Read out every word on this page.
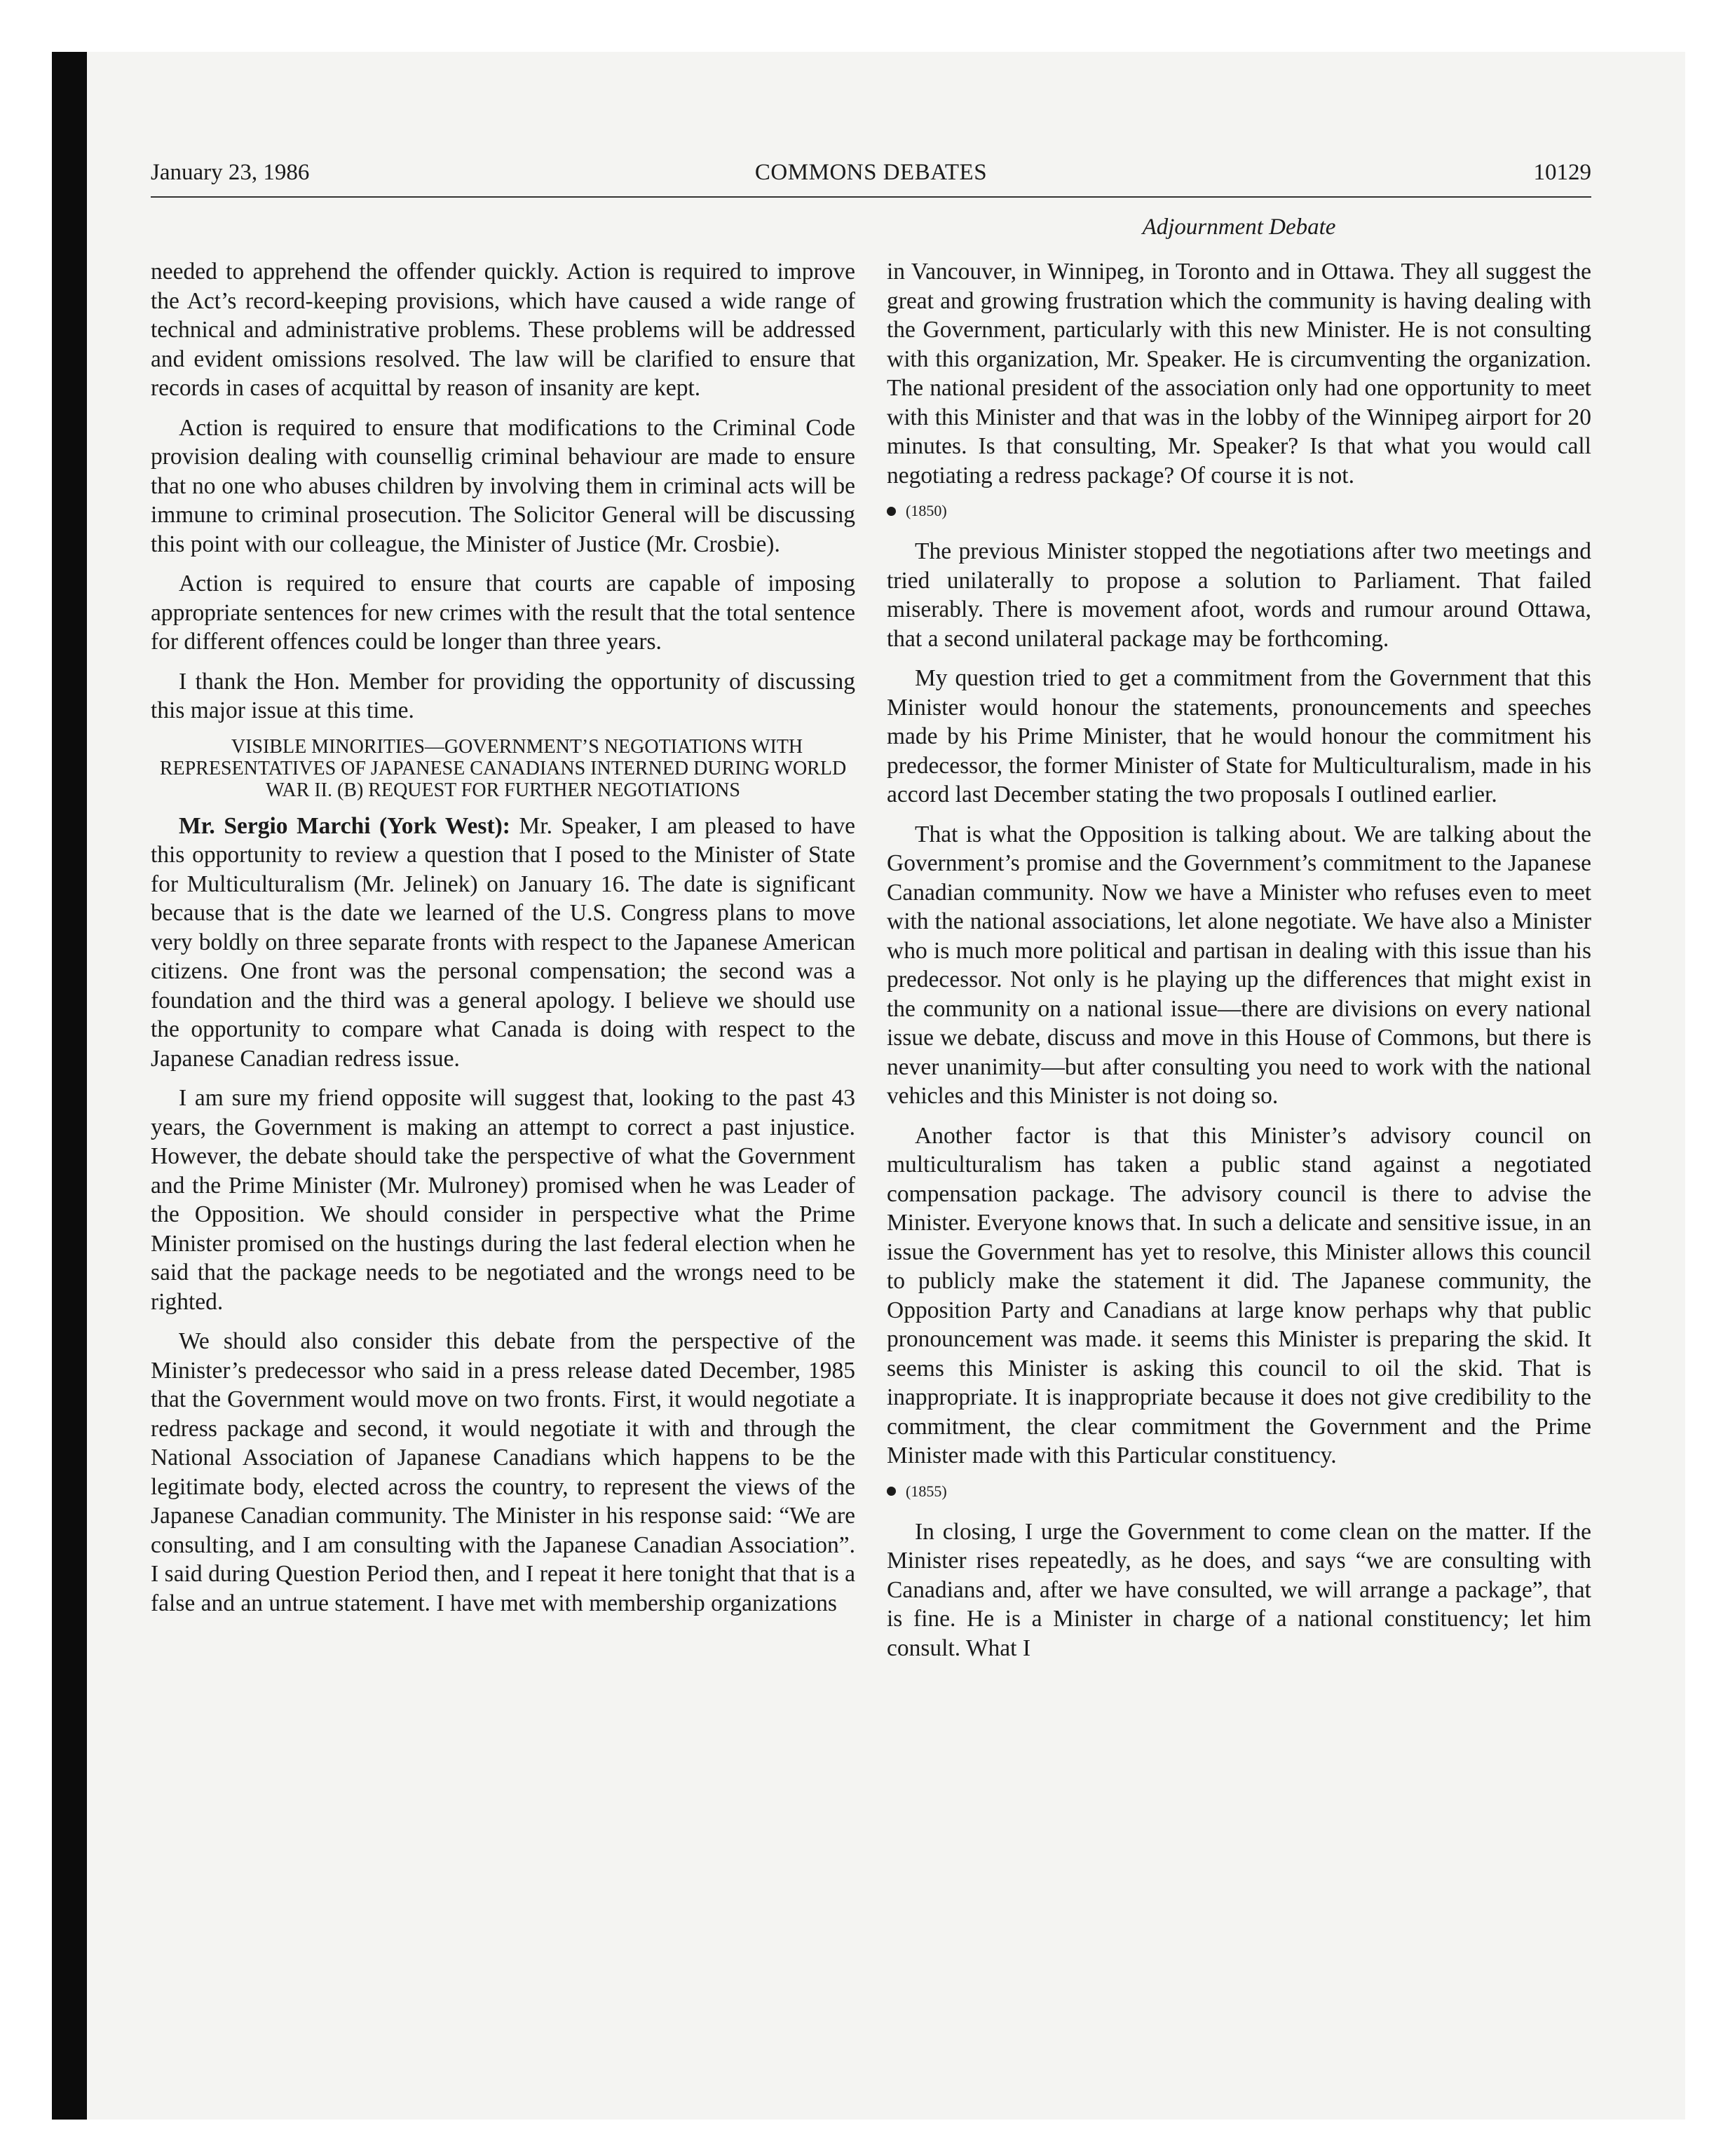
COMMONS DEBATES
January 23, 1986	10129
Adjournment Debate

needed to apprehend the offender quickly. Action is required to improve the Act’s record-keeping provisions, which have caused a wide range of technical and administrative problems. These problems will be addressed and evident omissions resolved. The law will be clarified to ensure that records in cases of acquittal by reason of insanity are kept.

Action is required to ensure that modifications to the Criminal Code provision dealing with counsellig criminal behaviour are made to ensure that no one who abuses children by involving them in criminal acts will be immune to criminal prosecution. The Solicitor General will be discussing this point with our colleague, the Minister of Justice (Mr. Crosbie).

Action is required to ensure that courts are capable of imposing appropriate sentences for new crimes with the result that the total sentence for different offences could be longer than three years.

I thank the Hon. Member for providing the opportunity of discussing this major issue at this time.

VISIBLE MINORITIES—GOVERNMENT’S NEGOTIATIONS WITH REPRESENTATIVES OF JAPANESE CANADIANS INTERNED DURING WORLD WAR II. (B) REQUEST FOR FURTHER NEGOTIATIONS

Mr. Sergio Marchi (York West): Mr. Speaker, I am pleased to have this opportunity to review a question that I posed to the Minister of State for Multiculturalism (Mr. Jelinek) on January 16. The date is significant because that is the date we learned of the U.S. Congress plans to move very boldly on three separate fronts with respect to the Japanese American citizens. One front was the personal compensation; the second was a foundation and the third was a general apology. I believe we should use the opportunity to compare what Canada is doing with respect to the Japanese Canadian redress issue.

I am sure my friend opposite will suggest that, looking to the past 43 years, the Government is making an attempt to correct a past injustice. However, the debate should take the perspective of what the Government and the Prime Minister (Mr. Mulroney) promised when he was Leader of the Opposition. We should consider in perspective what the Prime Minister promised on the hustings during the last federal election when he said that the package needs to be negotiated and the wrongs need to be righted.

We should also consider this debate from the perspective of the Minister’s predecessor who said in a press release dated December, 1985 that the Government would move on two fronts. First, it would negotiate a redress package and second, it would negotiate it with and through the National Association of Japanese Canadians which happens to be the legitimate body, elected across the country, to represent the views of the Japanese Canadian community. The Minister in his response said: “We are consulting, and I am consulting with the Japanese Canadian Association”. I said during Question Period then, and I repeat it here tonight that that is a false and an untrue statement. I have met with membership organizations

in Vancouver, in Winnipeg, in Toronto and in Ottawa. They all suggest the great and growing frustration which the community is having dealing with the Government, particularly with this new Minister. He is not consulting with this organization, Mr. Speaker. He is circumventing the organization. The national president of the association only had one opportunity to meet with this Minister and that was in the lobby of the Winnipeg airport for 20 minutes. Is that consulting, Mr. Speaker? Is that what you would call negotiating a redress package? Of course it is not.

(1850)

The previous Minister stopped the negotiations after two meetings and tried unilaterally to propose a solution to Parliament. That failed miserably. There is movement afoot, words and rumour around Ottawa, that a second unilateral package may be forthcoming.

My question tried to get a commitment from the Government that this Minister would honour the statements, pronouncements and speeches made by his Prime Minister, that he would honour the commitment his predecessor, the former Minister of State for Multiculturalism, made in his accord last December stating the two proposals I outlined earlier.

That is what the Opposition is talking about. We are talking about the Government’s promise and the Government’s commitment to the Japanese Canadian community. Now we have a Minister who refuses even to meet with the national associations, let alone negotiate. We have also a Minister who is much more political and partisan in dealing with this issue than his predecessor. Not only is he playing up the differences that might exist in the community on a national issue—there are divisions on every national issue we debate, discuss and move in this House of Commons, but there is never unanimity—but after consulting you need to work with the national vehicles and this Minister is not doing so.

Another factor is that this Minister’s advisory council on multiculturalism has taken a public stand against a negotiated compensation package. The advisory council is there to advise the Minister. Everyone knows that. In such a delicate and sensitive issue, in an issue the Government has yet to resolve, this Minister allows this council to publicly make the statement it did. The Japanese community, the Opposition Party and Canadians at large know perhaps why that public pronouncement was made. it seems this Minister is preparing the skid. It seems this Minister is asking this council to oil the skid. That is inappropriate. It is inappropriate because it does not give credibility to the commitment, the clear commitment the Government and the Prime Minister made with this Particular constituency.

(1855)

In closing, I urge the Government to come clean on the matter. If the Minister rises repeatedly, as he does, and says “we are consulting with Canadians and, after we have consulted, we will arrange a package”, that is fine. He is a Minister in charge of a national constituency; let him consult. What I
